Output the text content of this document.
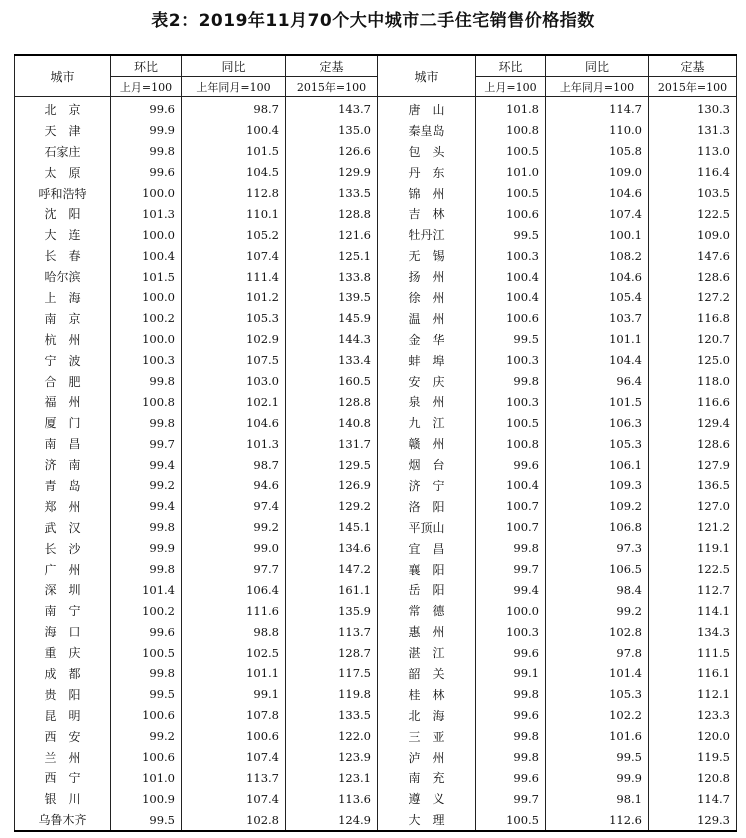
表2：2019年11月70个大中城市二手住宅销售价格指数
城市	环比	同比	定基	城市	环比	同比	定基
	上月=100	上年同月=100	2015年=100		上月=100	上年同月=100	2015年=100
北　京	99.6	98.7	143.7	唐　山	101.8	114.7	130.3
天　津	99.9	100.4	135.0	秦皇岛	100.8	110.0	131.3
石家庄	99.8	101.5	126.6	包　头	100.5	105.8	113.0
太　原	99.6	104.5	129.9	丹　东	101.0	109.0	116.4
呼和浩特	100.0	112.8	133.5	锦　州	100.5	104.6	103.5
沈　阳	101.3	110.1	128.8	吉　林	100.6	107.4	122.5
大　连	100.0	105.2	121.6	牡丹江	99.5	100.1	109.0
长　春	100.4	107.4	125.1	无　锡	100.3	108.2	147.6
哈尔滨	101.5	111.4	133.8	扬　州	100.4	104.6	128.6
上　海	100.0	101.2	139.5	徐　州	100.4	105.4	127.2
南　京	100.2	105.3	145.9	温　州	100.6	103.7	116.8
杭　州	100.0	102.9	144.3	金　华	99.5	101.1	120.7
宁　波	100.3	107.5	133.4	蚌　埠	100.3	104.4	125.0
合　肥	99.8	103.0	160.5	安　庆	99.8	96.4	118.0
福　州	100.8	102.1	128.8	泉　州	100.3	101.5	116.6
厦　门	99.8	104.6	140.8	九　江	100.5	106.3	129.4
南　昌	99.7	101.3	131.7	赣　州	100.8	105.3	128.6
济　南	99.4	98.7	129.5	烟　台	99.6	106.1	127.9
青　岛	99.2	94.6	126.9	济　宁	100.4	109.3	136.5
郑　州	99.4	97.4	129.2	洛　阳	100.7	109.2	127.0
武　汉	99.8	99.2	145.1	平顶山	100.7	106.8	121.2
长　沙	99.9	99.0	134.6	宜　昌	99.8	97.3	119.1
广　州	99.8	97.7	147.2	襄　阳	99.7	106.5	122.5
深　圳	101.4	106.4	161.1	岳　阳	99.4	98.4	112.7
南　宁	100.2	111.6	135.9	常　德	100.0	99.2	114.1
海　口	99.6	98.8	113.7	惠　州	100.3	102.8	134.3
重　庆	100.5	102.5	128.7	湛　江	99.6	97.8	111.5
成　都	99.8	101.1	117.5	韶　关	99.1	101.4	116.1
贵　阳	99.5	99.1	119.8	桂　林	99.8	105.3	112.1
昆　明	100.6	107.8	133.5	北　海	99.6	102.2	123.3
西　安	99.2	100.6	122.0	三　亚	99.8	101.6	120.0
兰　州	100.6	107.4	123.9	泸　州	99.8	99.5	119.5
西　宁	101.0	113.7	123.1	南　充	99.6	99.9	120.8
银　川	100.9	107.4	113.6	遵　义	99.7	98.1	114.7
乌鲁木齐	99.5	102.8	124.9	大　理	100.5	112.6	129.3
